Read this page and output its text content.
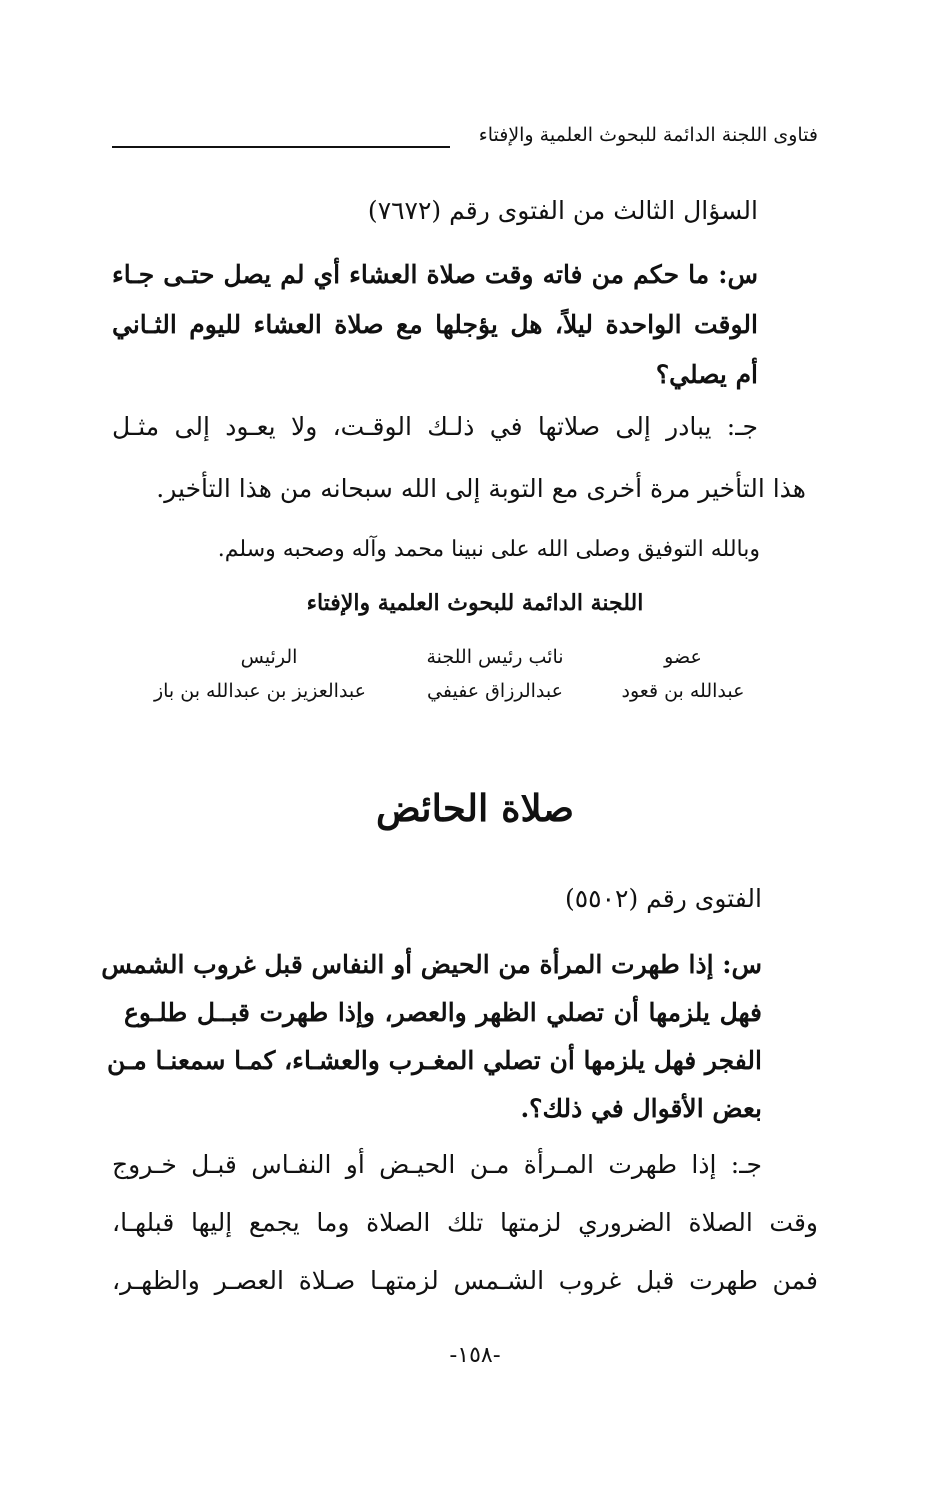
فتاوى اللجنة الدائمة للبحوث العلمية والإفتاء
السؤال الثالث من الفتوى رقم (٧٦٧٢)
س: ما حكم من فاته وقت صلاة العشاء أي لم يصل حتـى جـاء
الوقت الواحدة ليلاً، هل يؤجلها مع صلاة العشاء لليوم الثـاني
أم يصلي؟
جـ: يبادر إلى صلاتها في ذلـك الوقـت، ولا يعـود إلى مثـل
هذا التأخير مرة أخرى مع التوبة إلى الله سبحانه من هذا التأخير.
وبالله التوفيق وصلى الله على نبينا محمد وآله وصحبه وسلم.
اللجنة الدائمة للبحوث العلمية والإفتاء
عضو
عبدالله بن قعود
نائب رئيس اللجنة
عبدالرزاق عفيفي
الرئيس
عبدالعزيز بن عبدالله بن باز
صلاة الحائض
الفتوى رقم (٥٥٠٢)
س: إذا طهرت المرأة من الحيض أو النفاس قبل غروب الشمس
فهل يلزمها أن تصلي الظهر والعصر، وإذا طهرت قبــل طلـوع
الفجر فهل يلزمها أن تصلي المغـرب والعشـاء، كمـا سمعنـا مـن
بعض الأقوال في ذلك؟.
جـ: إذا طهرت المـرأة مـن الحيـض أو النفـاس قبـل خـروج
وقت الصلاة الضروري لزمتها تلك الصلاة وما يجمع إليها قبلهـا،
فمن طهرت قبل غروب الشـمس لزمتهـا صـلاة العصـر والظهـر،
-١٥٨-
